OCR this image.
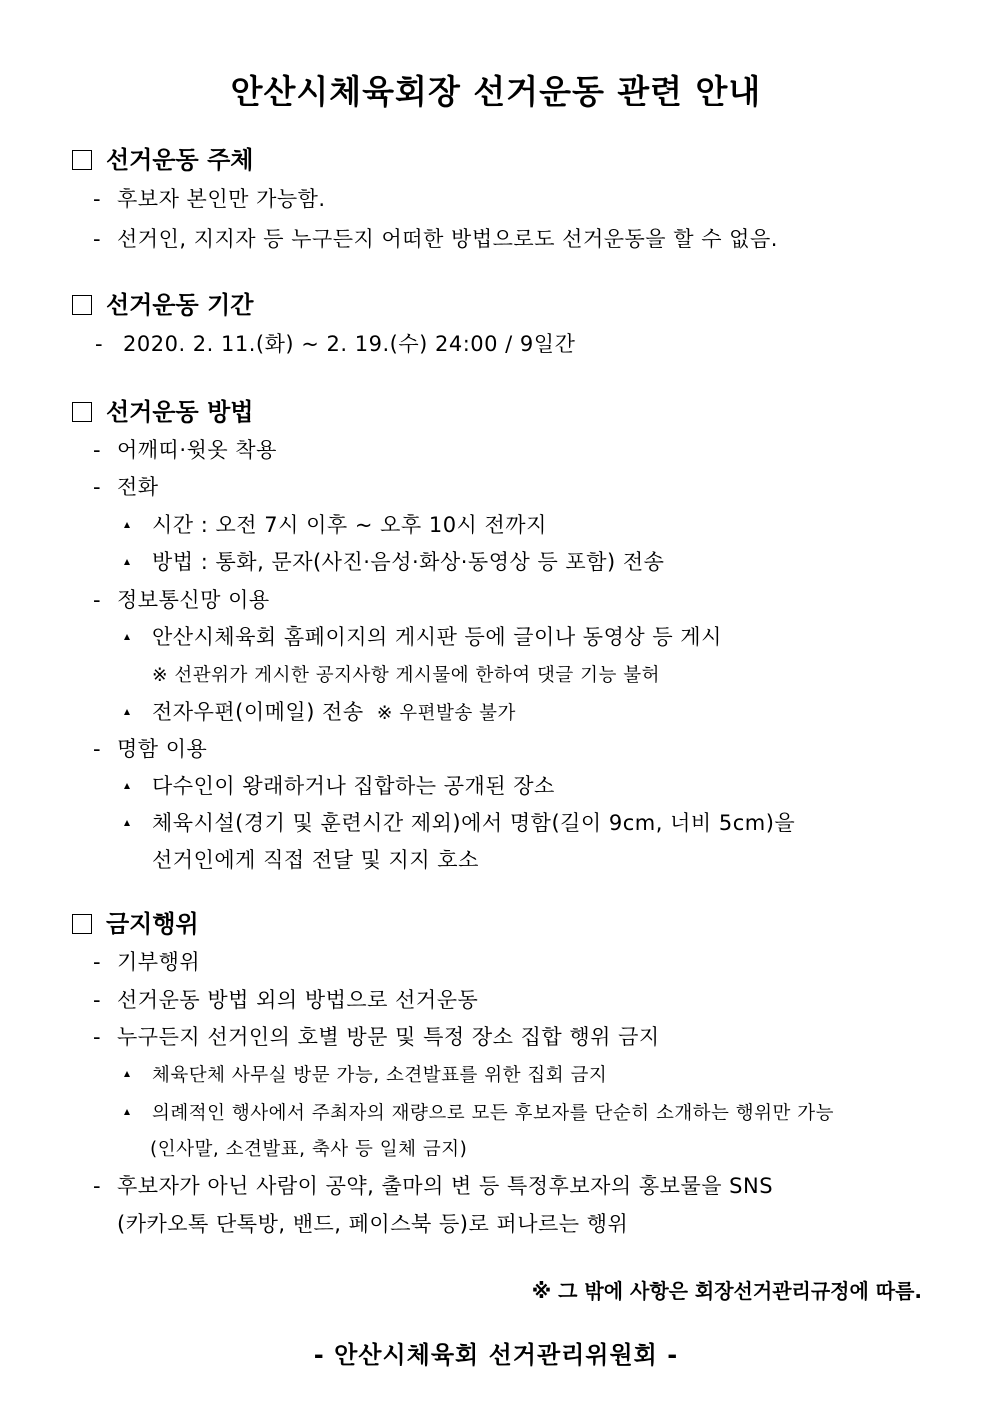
안산시체육회장 선거운동 관련 안내
선거운동 주체
- 후보자 본인만 가능함.
- 선거인, 지지자 등 누구든지 어떠한 방법으로도 선거운동을 할 수 없음.
선거운동 기간
- 2020. 2. 11.(화) ~ 2. 19.(수) 24:00 / 9일간
선거운동 방법
- 어깨띠·윗옷 착용
- 전화
시간 : 오전 7시 이후 ~ 오후 10시 전까지
방법 : 통화, 문자(사진·음성·화상·동영상 등 포함) 전송
- 정보통신망 이용
안산시체육회 홈페이지의 게시판 등에 글이나 동영상 등 게시
※ 선관위가 게시한 공지사항 게시물에 한하여 댓글 기능 불허
전자우편(이메일) 전송 ※ 우편발송 불가
- 명함 이용
다수인이 왕래하거나 집합하는 공개된 장소
체육시설(경기 및 훈련시간 제외)에서 명함(길이 9cm, 너비 5cm)을
선거인에게 직접 전달 및 지지 호소
금지행위
- 기부행위
- 선거운동 방법 외의 방법으로 선거운동
- 누구든지 선거인의 호별 방문 및 특정 장소 집합 행위 금지
체육단체 사무실 방문 가능, 소견발표를 위한 집회 금지
의례적인 행사에서 주최자의 재량으로 모든 후보자를 단순히 소개하는 행위만 가능
(인사말, 소견발표, 축사 등 일체 금지)
- 후보자가 아닌 사람이 공약, 출마의 변 등 특정후보자의 홍보물을 SNS
(카카오톡 단톡방, 밴드, 페이스북 등)로 퍼나르는 행위
※ 그 밖에 사항은 회장선거관리규정에 따름.
- 안산시체육회 선거관리위원회 -
